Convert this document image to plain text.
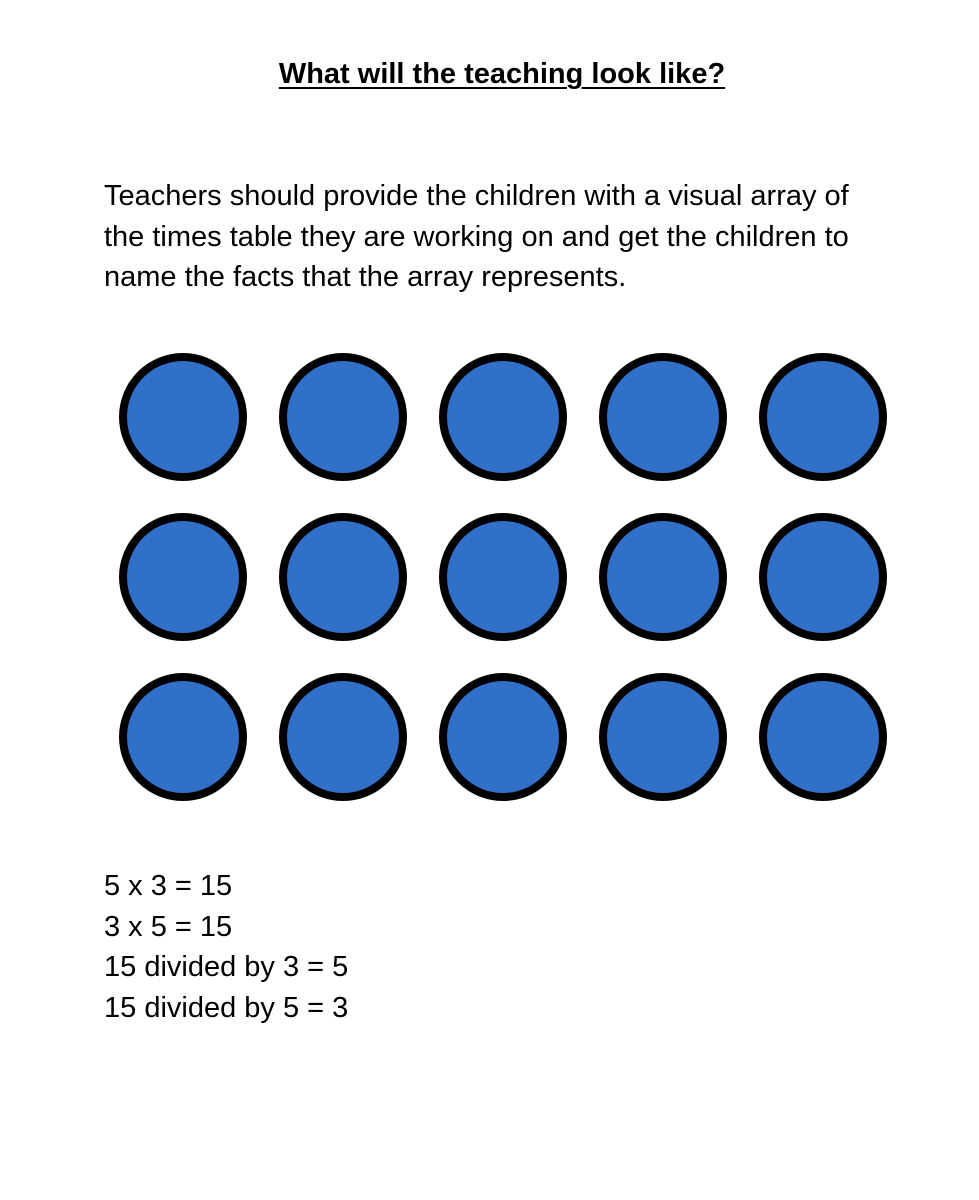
What will the teaching look like?

Teachers should provide the children with a visual array of
the times table they are working on and get the children to
name the facts that the array represents.

5 x 3 = 15
3 x 5 = 15
15 divided by 3 = 5
15 divided by 5 = 3
